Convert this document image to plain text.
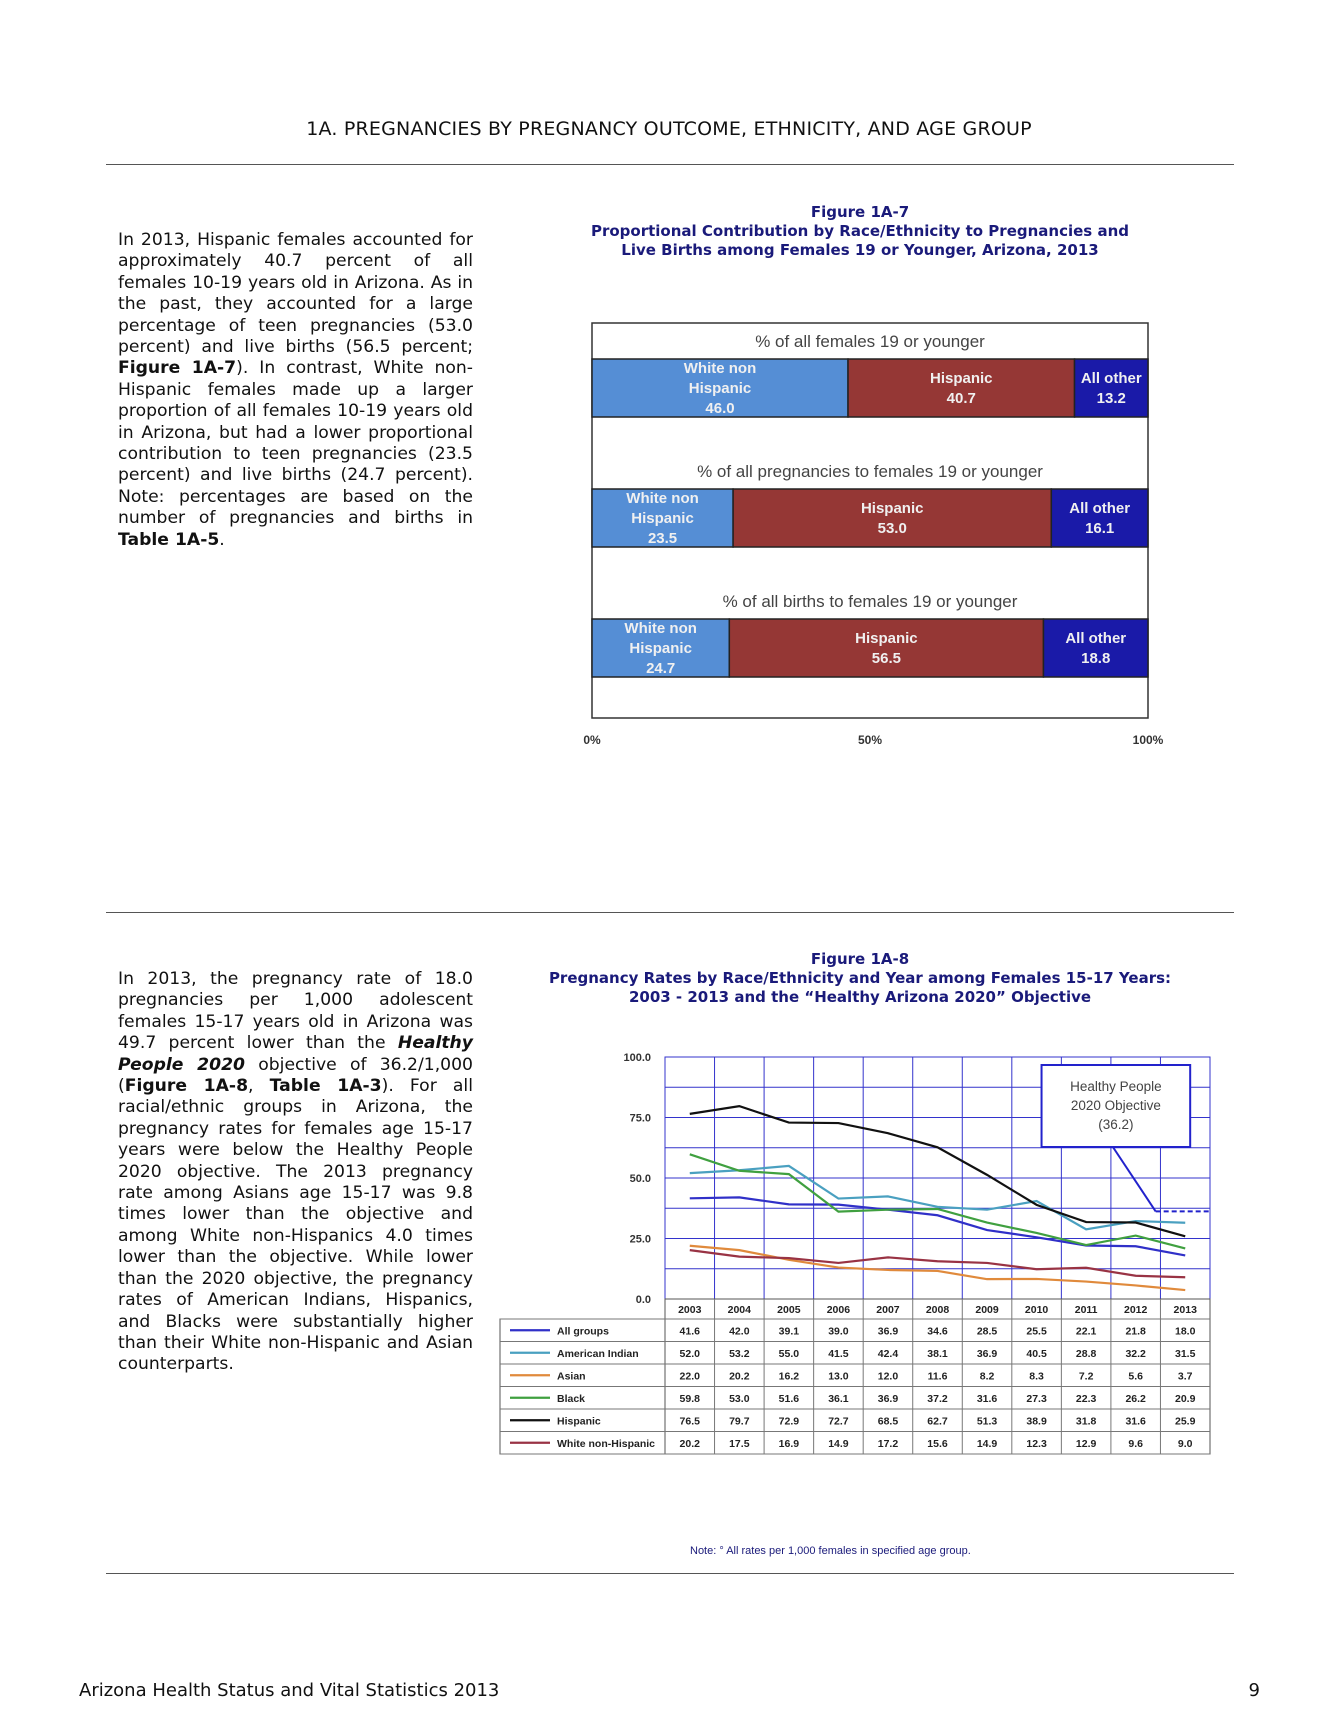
1A. PREGNANCIES BY PREGNANCY OUTCOME, ETHNICITY, AND AGE GROUP

In 2013, Hispanic females accounted for approximately 40.7 percent of all females 10-19 years old in Arizona. As in the past, they accounted for a large percentage of teen pregnancies (53.0 percent) and live births (56.5 percent; Figure 1A-7). In contrast, White non-Hispanic females made up a larger proportion of all females 10-19 years old in Arizona, but had a lower proportional contribution to teen pregnancies (23.5 percent) and live births (24.7 percent). Note: percentages are based on the number of pregnancies and births in Table 1A-5.

Figure 1A-7
Proportional Contribution by Race/Ethnicity to Pregnancies and
Live Births among Females 19 or Younger, Arizona, 2013
% of all females 19 or younger
White non
Hispanic
46.0
Hispanic
40.7
All other
13.2
% of all pregnancies to females 19 or younger
White non
Hispanic
23.5
Hispanic
53.0
All other
16.1
% of all births to females 19 or younger
White non
Hispanic
24.7
Hispanic
56.5
All other
18.8
0%	50%	100%

In 2013, the pregnancy rate of 18.0 pregnancies per 1,000 adolescent females 15-17 years old in Arizona was 49.7 percent lower than the Healthy People 2020 objective of 36.2/1,000 (Figure 1A-8, Table 1A-3). For all racial/ethnic groups in Arizona, the pregnancy rates for females age 15-17 years were below the Healthy People 2020 objective. The 2013 pregnancy rate among Asians age 15-17 was 9.8 times lower than the objective and among White non-Hispanics 4.0 times lower than the objective. While lower than the 2020 objective, the pregnancy rates of American Indians, Hispanics, and Blacks were substantially higher than their White non-Hispanic and Asian counterparts.

Figure 1A-8
Pregnancy Rates by Race/Ethnicity and Year among Females 15-17 Years:
2003 - 2013 and the “Healthy Arizona 2020” Objective
0.0
25.0
50.0
75.0
100.0
Healthy People
2020 Objective
(36.2)
2003 2004 2005 2006 2007 2008 2009 2010	2011	2012 2013
All groups	41.6	42.0	39.1	39.0	36.9	34.6	28.5	25.5	22.1	21.8	18.0
American Indian	52.0	53.2	55.0	41.5	42.4	38.1	36.9	40.5	28.8	32.2	31.5
Asian	22.0	20.2	16.2	13.0	12.0	11.6	8.2	8.3	7.2	5.6	3.7
Black	59.8	53.0	51.6	36.1	36.9	37.2	31.6	27.3	22.3	26.2	20.9
Hispanic	76.5	79.7	72.9	72.7	68.5	62.7	51.3	38.9	31.8	31.6	25.9
White non-Hispanic 20.2	17.5	16.9	14.9	17.2	15.6	14.9	12.3	12.9	9.6	9.0
Note: ° All rates per 1,000 females in specified age group.
Arizona Health Status and Vital Statistics 2013	9
